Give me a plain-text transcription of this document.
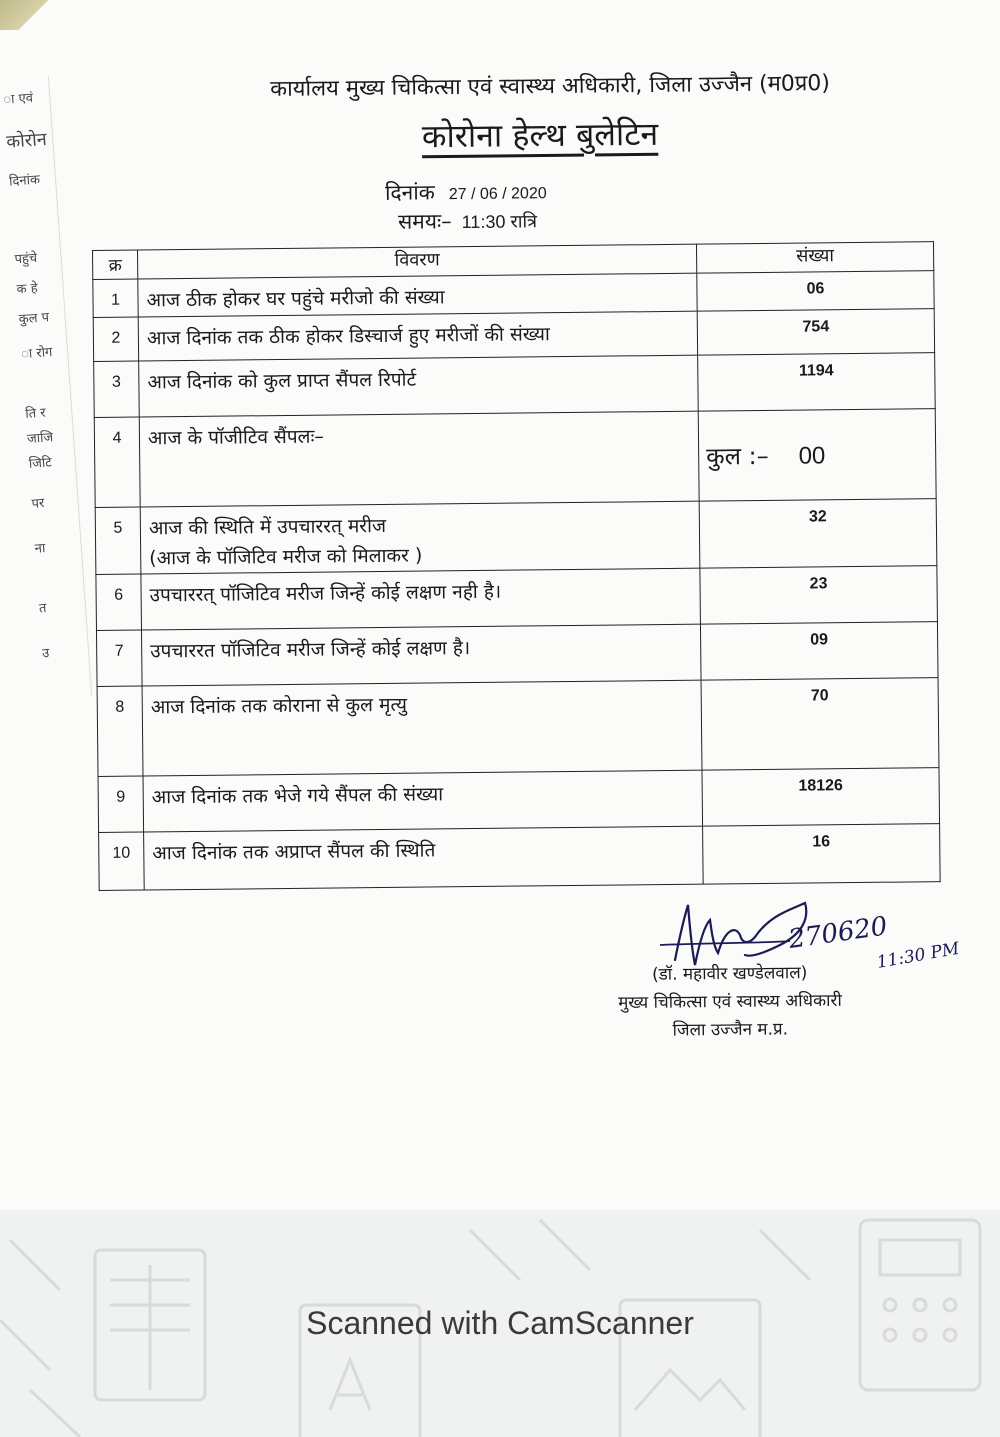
ा एवं
कोरोन
दिनांक
पहुंचे
क हे
कुल प
ा रोग
ति र
जाजि
जिटि
पर
ना
त
उ
कार्यालय मुख्य चिकित्सा एवं स्वास्थ्य अधिकारी, जिला उज्जैन (म0प्र0)
कोरोना हेल्थ बुलेटिन
दिनांक 27 / 06 / 2020
समयः– 11:30 रात्रि
क्र	विवरण	संख्या
1	आज ठीक होकर घर पहुंचे मरीजो की संख्या	06
2	आज दिनांक तक ठीक होकर डिस्चार्ज हुए मरीजों की संख्या	754
3	आज दिनांक को कुल प्राप्त सैंपल रिपोर्ट	1194
4	आज के पॉजीटिव सैंपलः–	कुल :– 00

5	आज की स्थिति में उपचाररत् मरीज
(आज के पॉजिटिव मरीज को मिलाकर )	32
6	उपचाररत् पॉजिटिव मरीज जिन्हें कोई लक्षण नही है।	23
7	उपचाररत पॉजिटिव मरीज जिन्हें कोई लक्षण है।	09
8	आज दिनांक तक कोराना से कुल मृत्यु	70
9	आज दिनांक तक भेजे गये सैंपल की संख्या	18126
10	आज दिनांक तक अप्राप्त सैंपल की स्थिति	16
270620
11:30 PM
(डॉ. महावीर खण्डेलवाल)
मुख्य चिकित्सा एवं स्वास्थ्य अधिकारी
जिला उज्जैन म.प्र.
Scanned with CamScanner
